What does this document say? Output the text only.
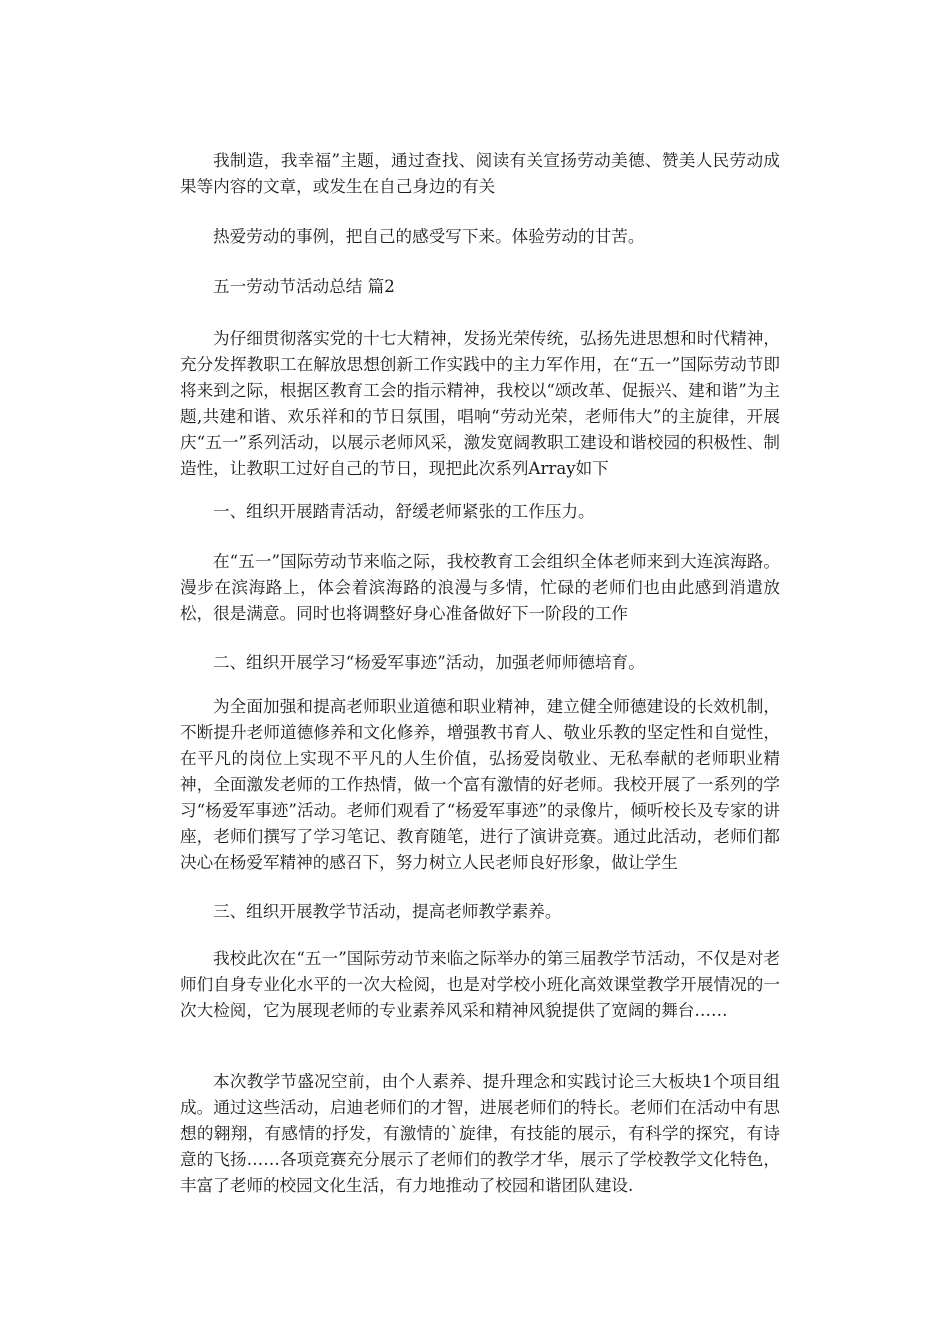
我制造，我幸福”主题，通过查找、阅读有关宣扬劳动美德、赞美人民劳动成果等内容的文章，或发生在自己身边的有关

热爱劳动的事例，把自己的感受写下来。体验劳动的甘苦。

五一劳动节活动总结 篇2

为仔细贯彻落实党的十七大精神，发扬光荣传统，弘扬先进思想和时代精神，充分发挥教职工在解放思想创新工作实践中的主力军作用，在“五一”国际劳动节即将来到之际，根据区教育工会的指示精神，我校以“颂改革、促振兴、建和谐”为主题,共建和谐、欢乐祥和的节日氛围，唱响“劳动光荣，老师伟大”的主旋律，开展庆“五一”系列活动，以展示老师风采，激发宽阔教职工建设和谐校园的积极性、制造性，让教职工过好自己的节日，现把此次系列Array如下

一、组织开展踏青活动，舒缓老师紧张的工作压力。

在“五一”国际劳动节来临之际，我校教育工会组织全体老师来到大连滨海路。漫步在滨海路上，体会着滨海路的浪漫与多情，忙碌的老师们也由此感到消遣放松，很是满意。同时也将调整好身心准备做好下一阶段的工作

二、组织开展学习“杨爱军事迹”活动，加强老师师德培育。

为全面加强和提高老师职业道德和职业精神，建立健全师德建设的长效机制，不断提升老师道德修养和文化修养，增强教书育人、敬业乐教的坚定性和自觉性，在平凡的岗位上实现不平凡的人生价值，弘扬爱岗敬业、无私奉献的老师职业精神，全面激发老师的工作热情，做一个富有激情的好老师。我校开展了一系列的学习“杨爱军事迹”活动。老师们观看了“杨爱军事迹”的录像片，倾听校长及专家的讲座，老师们撰写了学习笔记、教育随笔，进行了演讲竞赛。通过此活动，老师们都决心在杨爱军精神的感召下，努力树立人民老师良好形象，做让学生

三、组织开展教学节活动，提高老师教学素养。

我校此次在“五一”国际劳动节来临之际举办的第三届教学节活动，不仅是对老师们自身专业化水平的一次大检阅，也是对学校小班化高效课堂教学开展情况的一次大检阅，它为展现老师的专业素养风采和精神风貌提供了宽阔的舞台……

本次教学节盛况空前，由个人素养、提升理念和实践讨论三大板块1个项目组成。通过这些活动，启迪老师们的才智，进展老师们的特长。老师们在活动中有思想的翱翔，有感情的抒发，有激情的`旋律，有技能的展示，有科学的探究，有诗意的飞扬……各项竞赛充分展示了老师们的教学才华，展示了学校教学文化特色，丰富了老师的校园文化生活，有力地推动了校园和谐团队建设.
